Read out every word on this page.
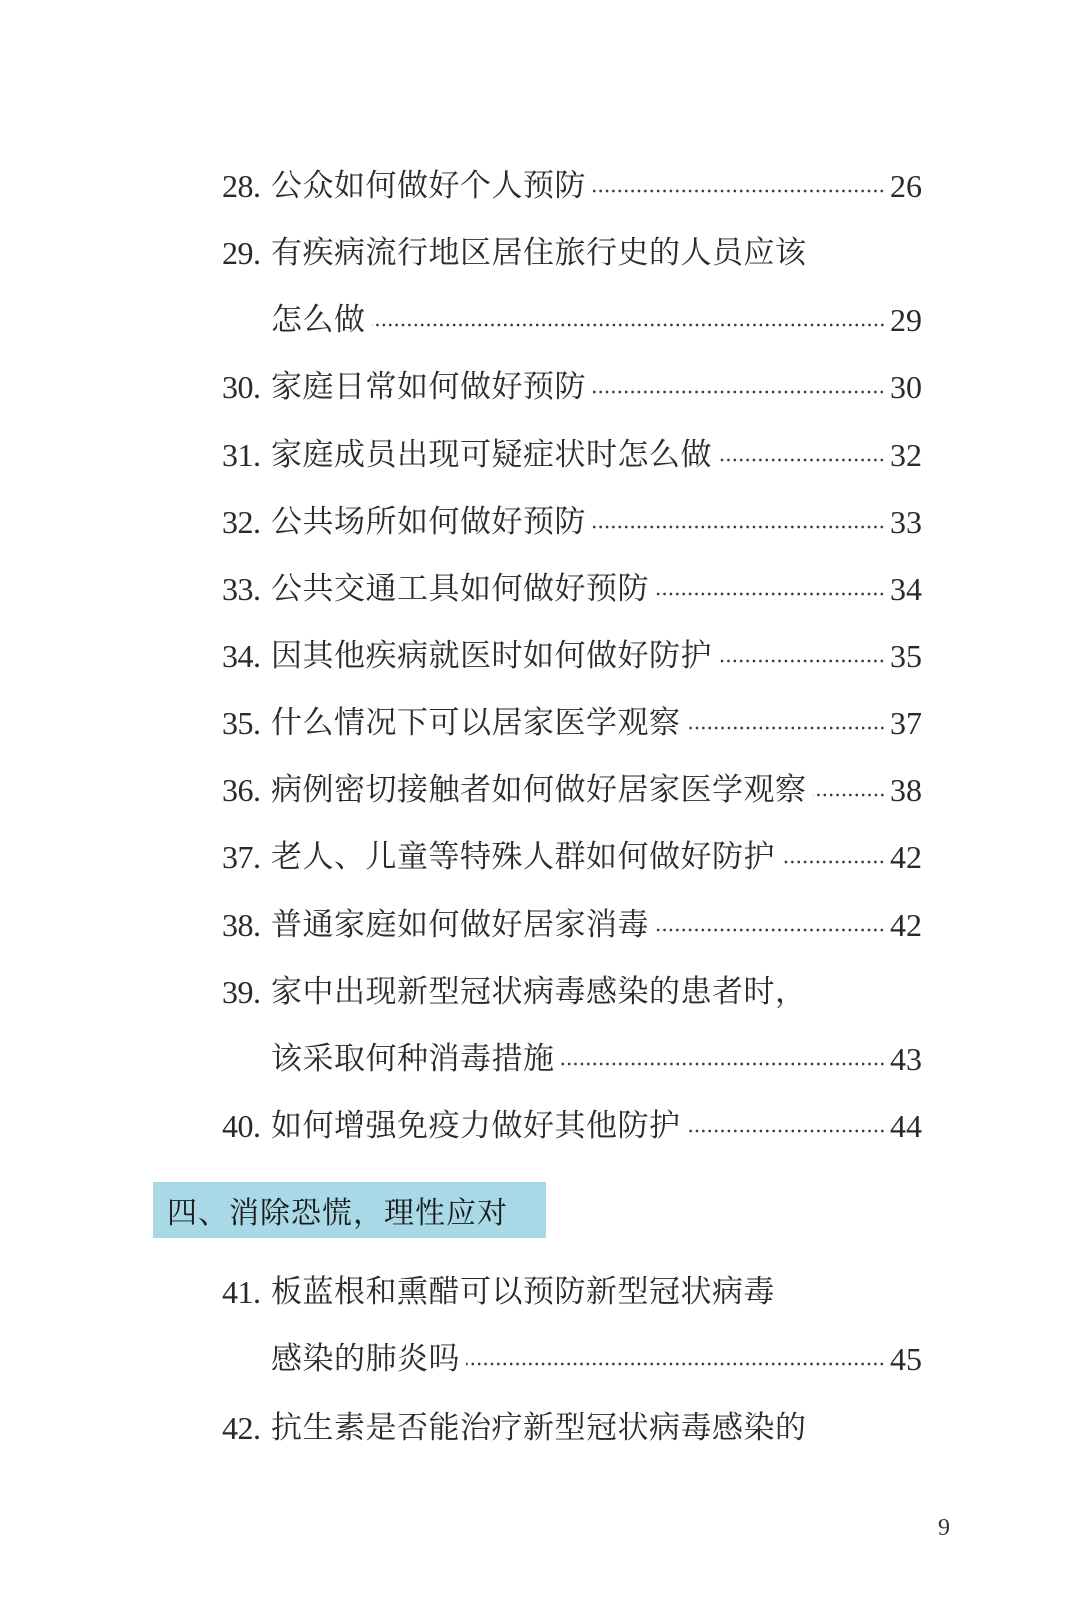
28. 公众如何做好个人预防	26
29. 有疾病流行地区居住旅行史的人员应该
怎么做	29
30. 家庭日常如何做好预防	30
31. 家庭成员出现可疑症状时怎么做	32
32. 公共场所如何做好预防	33
33. 公共交通工具如何做好预防	34
34. 因其他疾病就医时如何做好防护	35
35. 什么情况下可以居家医学观察	37
36. 病例密切接触者如何做好居家医学观察	38
37. 老人、儿童等特殊人群如何做好防护	42
38. 普通家庭如何做好居家消毒	42
39. 家中出现新型冠状病毒感染的患者时，
该采取何种消毒措施	43
40. 如何增强免疫力做好其他防护	44
四、消除恐慌，理性应对
41. 板蓝根和熏醋可以预防新型冠状病毒
感染的肺炎吗	45
42. 抗生素是否能治疗新型冠状病毒感染的
9
